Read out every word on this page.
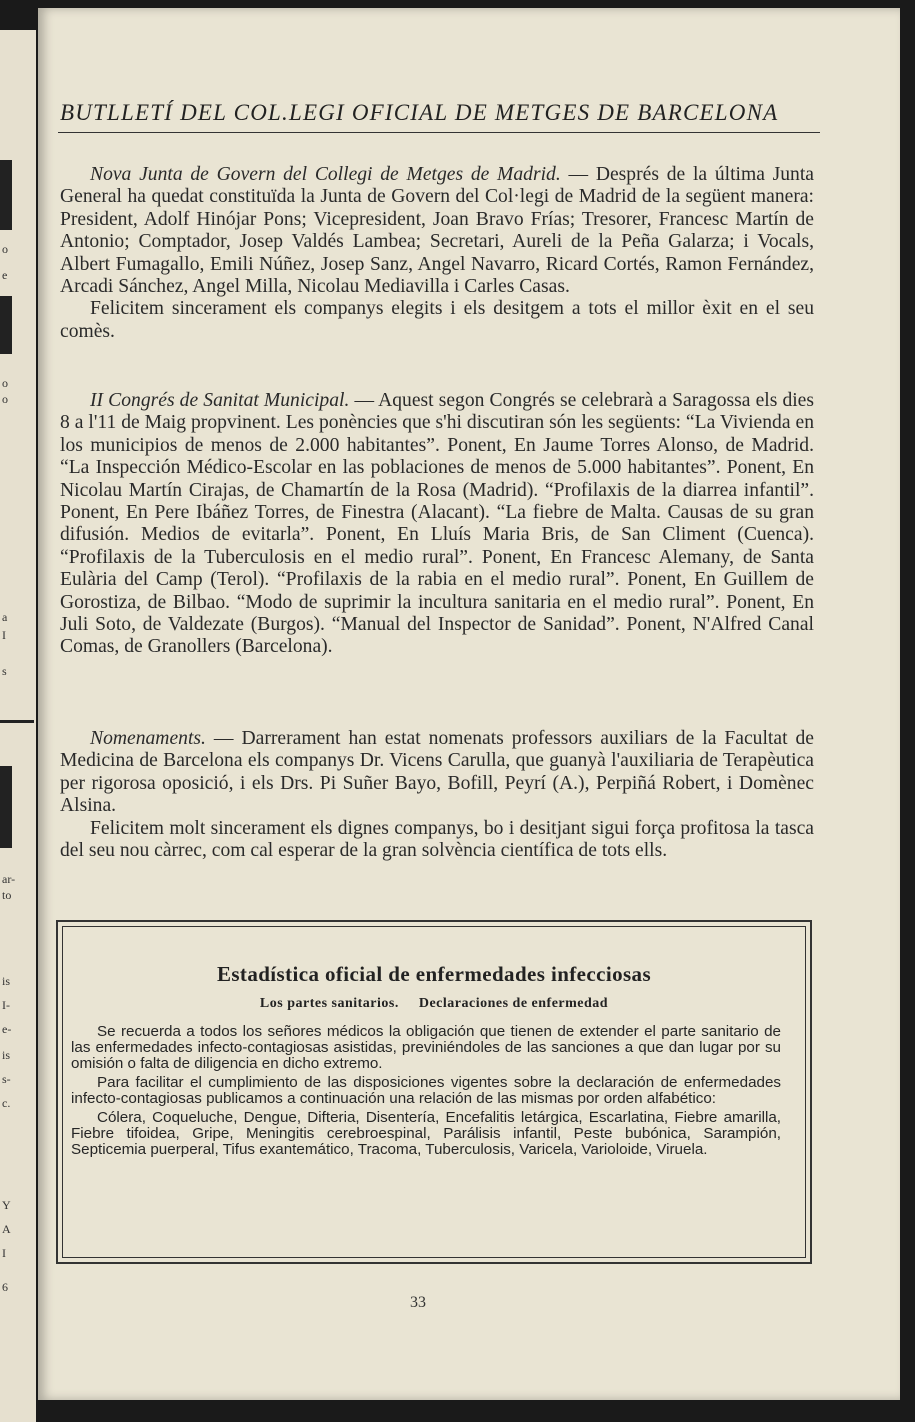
o
e
o
o
a
I
s
ar-
to
is
I-
e-
is
s-
c.
Y
A
I
6
BUTLLETÍ DEL COL.LEGI OFICIAL DE METGES DE BARCELONA

Nova Junta de Govern del Collegi de Metges de Madrid. — Després de la última Junta General ha quedat constituïda la Junta de Govern del Col·legi de Madrid de la següent manera: President, Adolf Hinójar Pons; Vicepresident, Joan Bravo Frías; Tresorer, Francesc Martín de Antonio; Comptador, Josep Valdés Lambea; Secretari, Aureli de la Peña Galarza; i Vocals, Albert Fumagallo, Emili Núñez, Josep Sanz, Angel Navarro, Ricard Cortés, Ramon Fernández, Arcadi Sánchez, Angel Milla, Nicolau Mediavilla i Carles Casas.

Felicitem sincerament els companys elegits i els desitgem a tots el millor èxit en el seu comès.

II Congrés de Sanitat Municipal. — Aquest segon Congrés se celebrarà a Saragossa els dies 8 a l'11 de Maig propvinent. Les ponències que s'hi discutiran són les següents: “La Vivienda en los municipios de menos de 2.000 habitantes”. Ponent, En Jaume Torres Alonso, de Madrid. “La Inspección Médico-Escolar en las poblaciones de menos de 5.000 habitantes”. Ponent, En Nicolau Martín Cirajas, de Chamartín de la Rosa (Madrid). “Profilaxis de la diarrea infantil”. Ponent, En Pere Ibáñez Torres, de Finestra (Alacant). “La fiebre de Malta. Causas de su gran difusión. Medios de evitarla”. Ponent, En Lluís Maria Bris, de San Climent (Cuenca). “Profilaxis de la Tuberculosis en el medio rural”. Ponent, En Francesc Alemany, de Santa Eulària del Camp (Terol). “Profilaxis de la rabia en el medio rural”. Ponent, En Guillem de Gorostiza, de Bilbao. “Modo de suprimir la incultura sanitaria en el medio rural”. Ponent, En Juli Soto, de Valdezate (Burgos). “Manual del Inspector de Sanidad”. Ponent, N'Alfred Canal Comas, de Granollers (Barcelona).

Nomenaments. — Darrerament han estat nomenats professors auxiliars de la Facultat de Medicina de Barcelona els companys Dr. Vicens Carulla, que guanyà l'auxiliaria de Terapèutica per rigorosa oposició, i els Drs. Pi Suñer Bayo, Bofill, Peyrí (A.), Perpiñá Robert, i Domènec Alsina.

Felicitem molt sincerament els dignes companys, bo i desitjant sigui força profitosa la tasca del seu nou càrrec, com cal esperar de la gran solvència científica de tots ells.

Estadística oficial de enfermedades infecciosas
Los partes sanitarios. Declaraciones de enfermedad

Se recuerda a todos los señores médicos la obligación que tienen de extender el parte sanitario de las enfermedades infecto-contagiosas asistidas, previniéndoles de las sanciones a que dan lugar por su omisión o falta de diligencia en dicho extremo.

Para facilitar el cumplimiento de las disposiciones vigentes sobre la declaración de enfermedades infecto-contagiosas publicamos a continuación una relación de las mismas por orden alfabético:

Cólera, Coqueluche, Dengue, Difteria, Disentería, Encefalitis letárgica, Escarlatina, Fiebre amarilla, Fiebre tifoidea, Gripe, Meningitis cerebroespinal, Parálisis infantil, Peste bubónica, Sarampión, Septicemia puerperal, Tifus exantemático, Tracoma, Tuberculosis, Varicela, Varioloide, Viruela.

33
